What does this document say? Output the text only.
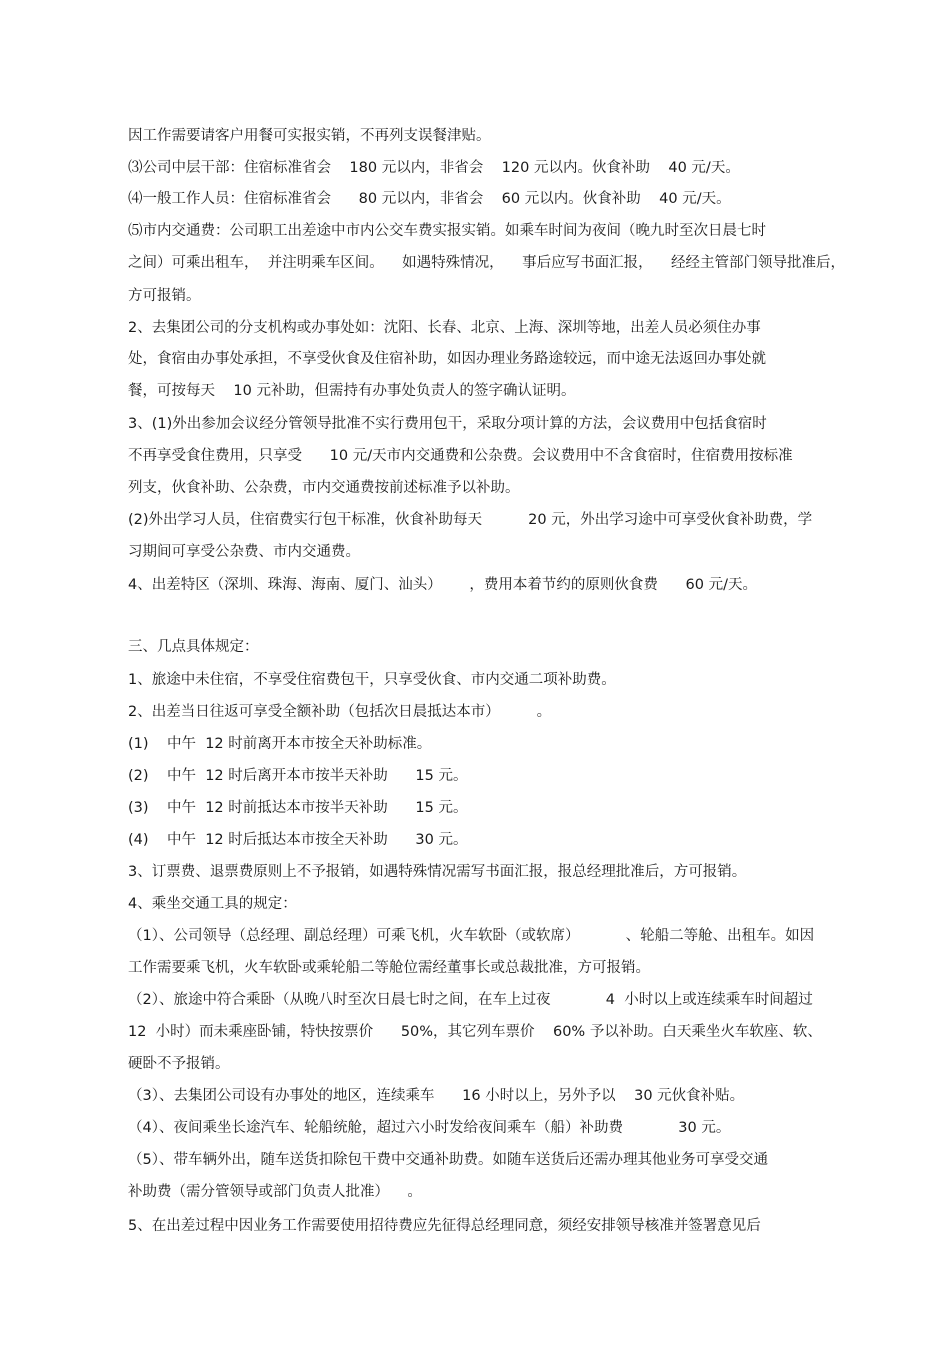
因工作需要请客户用餐可实报实销，不再列支误餐津贴。

⑶公司中层干部：住宿标准省会    180 元以内，非省会    120 元以内。伙食补助    40 元/天。

⑷一般工作人员：住宿标准省会      80 元以内，非省会    60 元以内。伙食补助    40 元/天。

⑸市内交通费：公司职工出差途中市内公交车费实报实销。如乘车时间为夜间（晚九时至次日晨七时

之间）可乘出租车，  并注明乘车区间。    如遇特殊情况，    事后应写书面汇报，    经经主管部门领导批准后，

方可报销。

2、去集团公司的分支机构或办事处如：沈阳、长春、北京、上海、深圳等地，出差人员必须住办事

处，食宿由办事处承担，不享受伙食及住宿补助，如因办理业务路途较远，而中途无法返回办事处就

餐，可按每天    10 元补助，但需持有办事处负责人的签字确认证明。

3、(1)外出参加会议经分管领导批准不实行费用包干，采取分项计算的方法，会议费用中包括食宿时

不再享受食住费用，只享受      10 元/天市内交通费和公杂费。会议费用中不含食宿时，住宿费用按标准

列支，伙食补助、公杂费，市内交通费按前述标准予以补助。

(2)外出学习人员，住宿费实行包干标准，伙食补助每天          20 元，外出学习途中可享受伙食补助费，学

习期间可享受公杂费、市内交通费。

4、出差特区（深圳、珠海、海南、厦门、汕头）      ，费用本着节约的原则伙食费      60 元/天。

三、几点具体规定：

1、旅途中未住宿，不享受住宿费包干，只享受伙食、市内交通二项补助费。

2、出差当日往返可享受全额补助（包括次日晨抵达本市）        。

(1)    中午  12 时前离开本市按全天补助标准。

(2)    中午  12 时后离开本市按半天补助      15 元。

(3)    中午  12 时前抵达本市按半天补助      15 元。

(4)    中午  12 时后抵达本市按全天补助      30 元。

3、订票费、退票费原则上不予报销，如遇特殊情况需写书面汇报，报总经理批准后，方可报销。

4、乘坐交通工具的规定：

（1）、公司领导（总经理、副总经理）可乘飞机，火车软卧（或软席）          、轮船二等舱、出租车。如因

工作需要乘飞机，火车软卧或乘轮船二等舱位需经董事长或总裁批准，方可报销。

（2）、旅途中符合乘卧（从晚八时至次日晨七时之间，在车上过夜            4  小时以上或连续乘车时间超过

12  小时）而未乘座卧铺，特快按票价      50%，其它列车票价    60% 予以补助。白天乘坐火车软座、软、

硬卧不予报销。

（3）、去集团公司设有办事处的地区，连续乘车      16 小时以上，另外予以    30 元伙食补贴。

（4）、夜间乘坐长途汽车、轮船统舱，超过六小时发给夜间乘车（船）补助费            30 元。

（5）、带车辆外出，随车送货扣除包干费中交通补助费。如随车送货后还需办理其他业务可享受交通

补助费（需分管领导或部门负责人批准）    。

5、在出差过程中因业务工作需要使用招待费应先征得总经理同意，须经安排领导核准并签署意见后
